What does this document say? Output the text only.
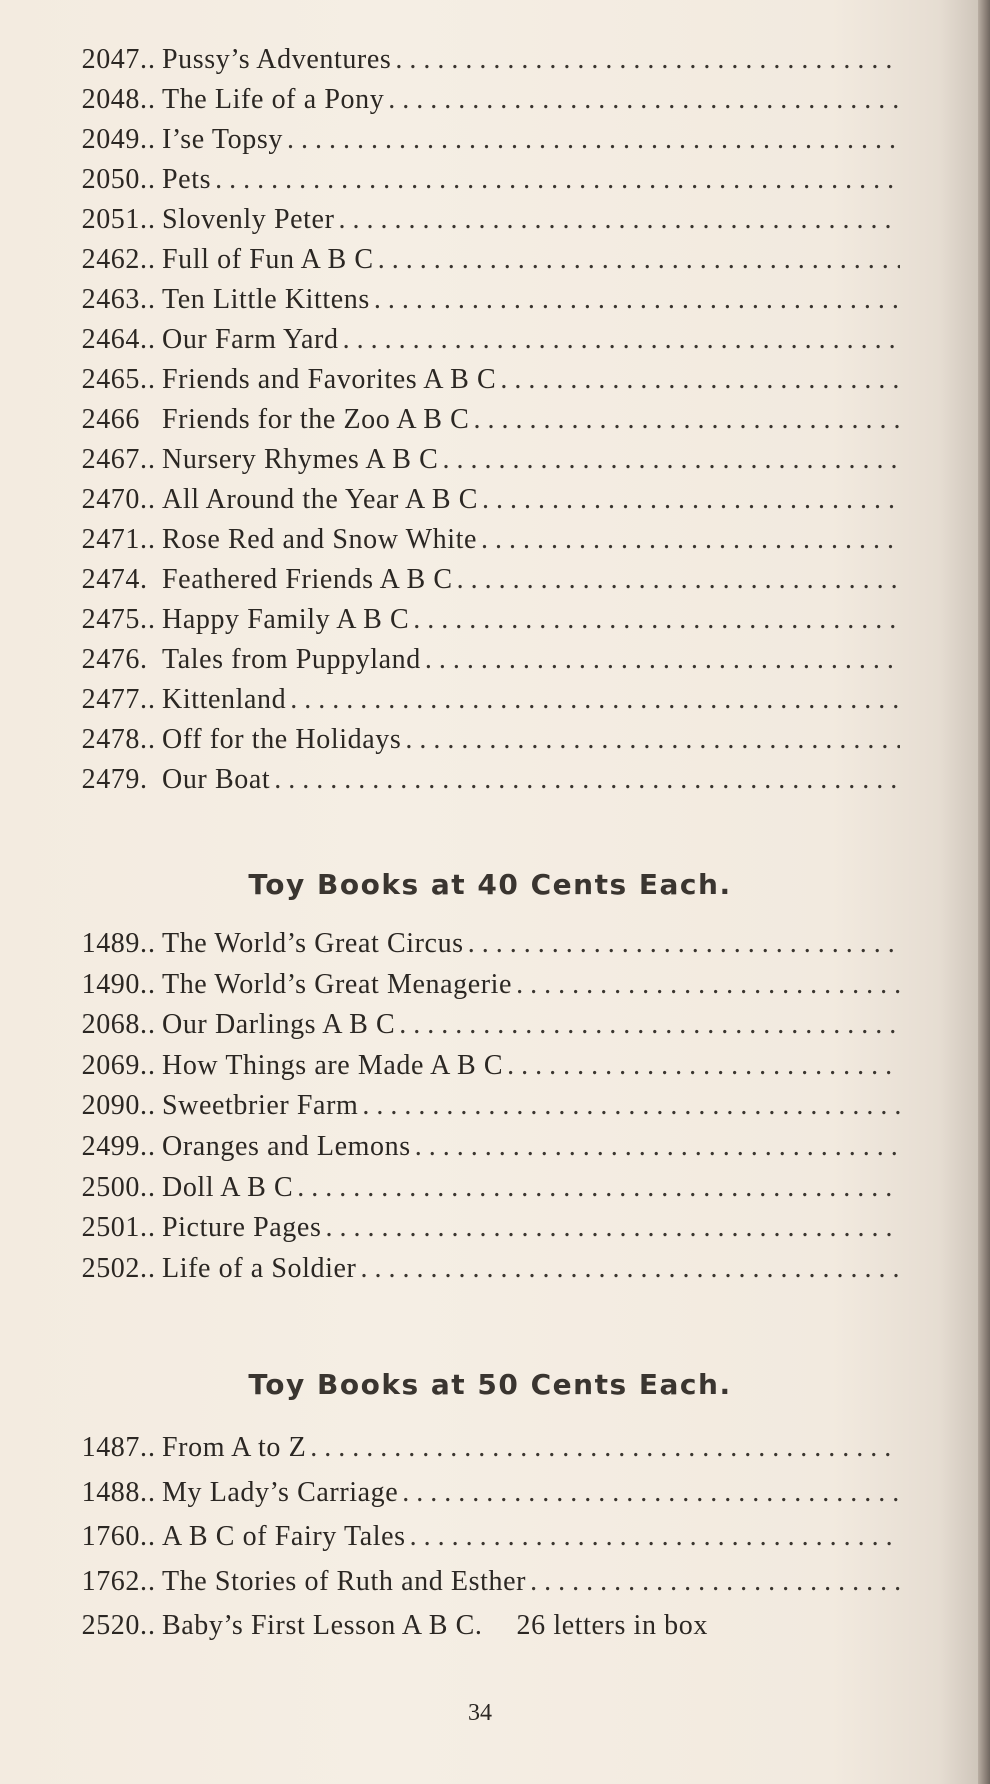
2047 .. Pussy’s Adventures
. . .
2048 .. The Life of a Pony
. . .
2049 .. I’se Topsy
. . .
2050 .. Pets
. . .
2051 .. Slovenly Peter
. . .
2462 .. Full of Fun A B C
. . .
2463 .. Ten Little Kittens
. . .
2464 .. Our Farm Yard
. . .
2465 .. Friends and Favorites A B C
. . .
2466 Friends for the Zoo A B C
. . .
2467 .. Nursery Rhymes A B C
. . .
2470 .. All Around the Year A B C
. . .
2471 .. Rose Red and Snow White
. . .
2474 . Feathered Friends A B C
. . .
2475 .. Happy Family A B C
. . .
2476 . Tales from Puppyland
. . .
2477 .. Kittenland
. . .
2478 .. Off for the Holidays
. . .
2479 . Our Boat
. . .
Toy Books at 40 Cents Each.
1489 .. The World’s Great Circus
. . .
1490 .. The World’s Great Menagerie
. . .
2068 .. Our Darlings A B C
. . .
2069 .. How Things are Made A B C
. . .
2090 .. Sweetbrier Farm
. . .
2499 .. Oranges and Lemons
. . .
2500 .. Doll A B C
. . .
2501 .. Picture Pages
. . .
2502 .. Life of a Soldier
. . .
Toy Books at 50 Cents Each.
1487 .. From A to Z
. . .
1488 .. My Lady’s Carriage
. . .
1760 .. A B C of Fairy Tales
. . .
1762 .. The Stories of Ruth and Esther
. . .
2520 .. Baby’s First Lesson A B C.	26 letters in box
34
